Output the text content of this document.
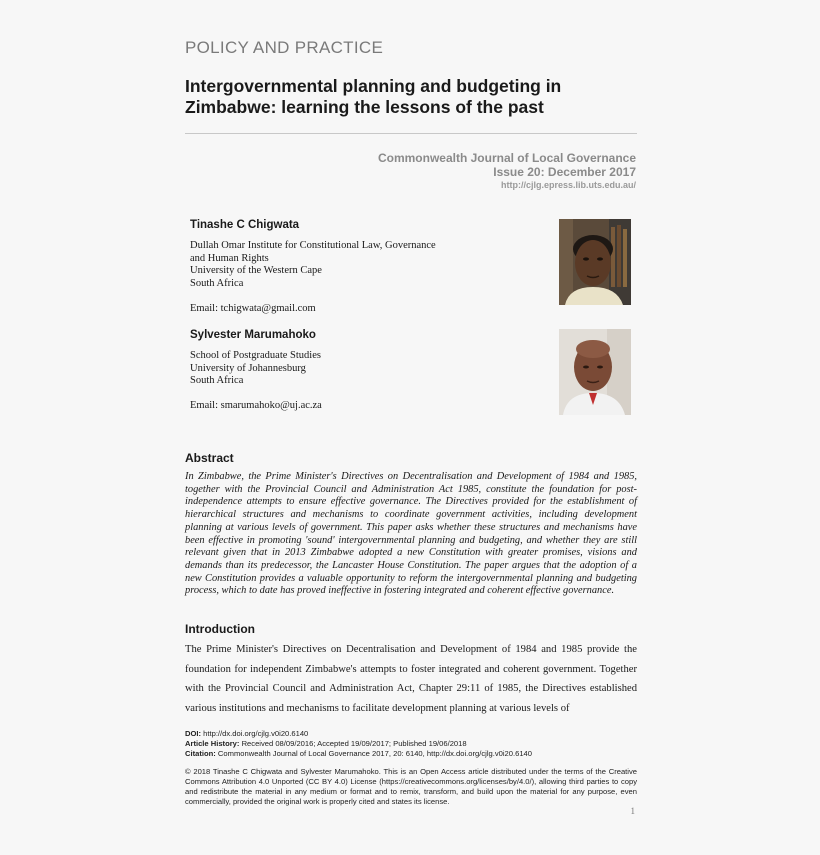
POLICY AND PRACTICE
Intergovernmental planning and budgeting in
Zimbabwe: learning the lessons of the past
Commonwealth Journal of Local Governance
Issue 20: December 2017
http://cjlg.epress.lib.uts.edu.au/
Tinashe C Chigwata
Dullah Omar Institute for Constitutional Law, Governance
and Human Rights
University of the Western Cape
South Africa
Email: tchigwata@gmail.com
Sylvester Marumahoko
School of Postgraduate Studies
University of Johannesburg
South Africa
Email: smarumahoko@uj.ac.za
Abstract
In Zimbabwe, the Prime Minister's Directives on Decentralisation and Development of 1984 and 1985, together with the Provincial Council and Administration Act 1985, constitute the foundation for post-independence attempts to ensure effective governance. The Directives provided for the establishment of hierarchical structures and mechanisms to coordinate government activities, including development planning at various levels of government. This paper asks whether these structures and mechanisms have been effective in promoting 'sound' intergovernmental planning and budgeting, and whether they are still relevant given that in 2013 Zimbabwe adopted a new Constitution with greater promises, visions and demands than its predecessor, the Lancaster House Constitution. The paper argues that the adoption of a new Constitution provides a valuable opportunity to reform the intergovernmental planning and budgeting process, which to date has proved ineffective in fostering integrated and coherent effective governance.
Introduction
The Prime Minister's Directives on Decentralisation and Development of 1984 and 1985 provide the foundation for independent Zimbabwe's attempts to foster integrated and coherent government. Together with the Provincial Council and Administration Act, Chapter 29:11 of 1985, the Directives established various institutions and mechanisms to facilitate development planning at various levels of
DOI: http://dx.doi.org/cjlg.v0i20.6140
Article History: Received 08/09/2016; Accepted 19/09/2017; Published 19/06/2018
Citation: Commonwealth Journal of Local Governance 2017, 20: 6140, http://dx.doi.org/cjlg.v0i20.6140
© 2018 Tinashe C Chigwata and Sylvester Marumahoko. This is an Open Access article distributed under the terms of the Creative Commons Attribution 4.0 Unported (CC BY 4.0) License (https://creativecommons.org/licenses/by/4.0/), allowing third parties to copy and redistribute the material in any medium or format and to remix, transform, and build upon the material for any purpose, even commercially, provided the original work is properly cited and states its license.
1
